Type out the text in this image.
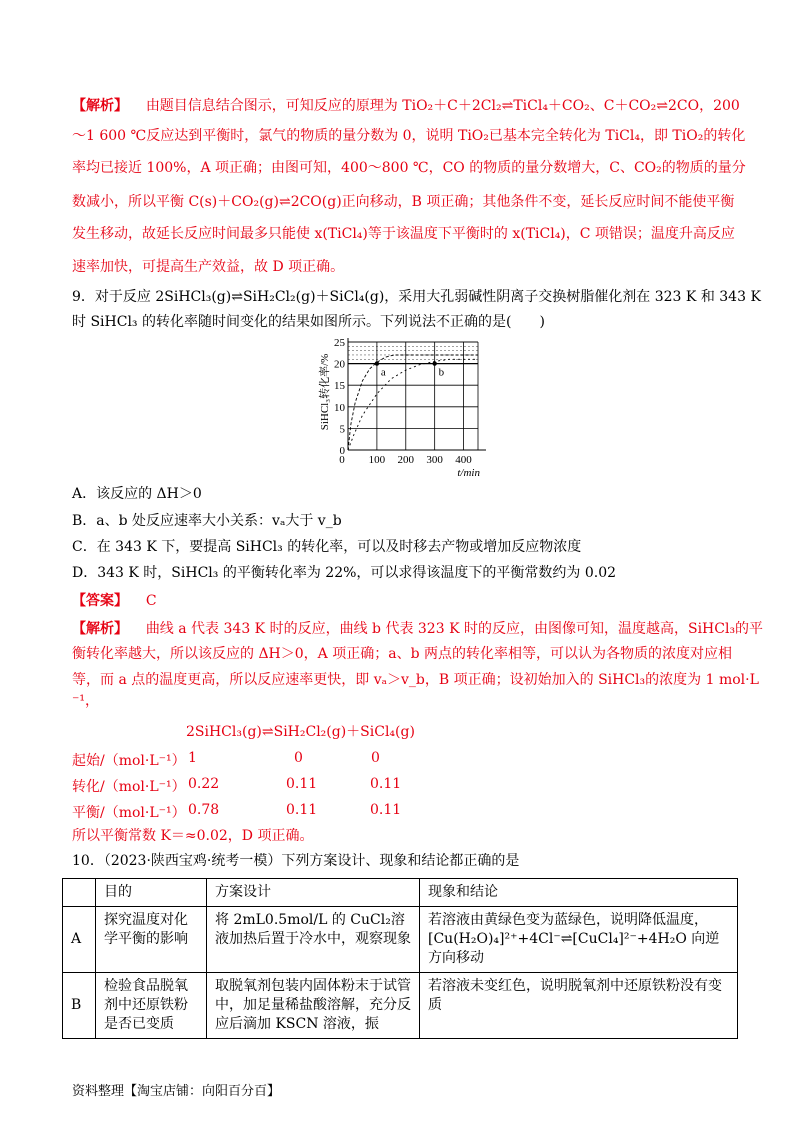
【解析】 由题目信息结合图示，可知反应的原理为 TiO₂＋C＋2Cl₂⇌TiCl₄＋CO₂、C＋CO₂⇌2CO，200
～1 600 ℃反应达到平衡时，氯气的物质的量分数为 0，说明 TiO₂已基本完全转化为 TiCl₄，即 TiO₂的转化
率均已接近 100%，A 项正确；由图可知，400～800 ℃，CO 的物质的量分数增大，C、CO₂的物质的量分
数减小，所以平衡 C(s)＋CO₂(g)⇌2CO(g)正向移动，B 项正确；其他条件不变，延长反应时间不能使平衡
发生移动，故延长反应时间最多只能使 x(TiCl₄)等于该温度下平衡时的 x(TiCl₄)，C 项错误；温度升高反应
速率加快，可提高生产效益，故 D 项正确。
9．对于反应 2SiHCl₃(g)⇌SiH₂Cl₂(g)＋SiCl₄(g)，采用大孔弱碱性阴离子交换树脂催化剂在 323 K 和 343 K
时 SiHCl₃ 的转化率随时间变化的结果如图所示。下列说法不正确的是(　　)
0
5
10
15
20
25
0 100 200 300 400
t/min
SiHCl₃转化率/%	a	b
A．该反应的 ΔH＞0
B．a、b 处反应速率大小关系：vₐ大于 v_b
C．在 343 K 下，要提高 SiHCl₃ 的转化率，可以及时移去产物或增加反应物浓度
D．343 K 时，SiHCl₃ 的平衡转化率为 22%，可以求得该温度下的平衡常数约为 0.02
【答案】 C
【解析】 曲线 a 代表 343 K 时的反应，曲线 b 代表 323 K 时的反应，由图像可知，温度越高，SiHCl₃的平
衡转化率越大，所以该反应的 ΔH＞0，A 项正确；a、b 两点的转化率相等，可以认为各物质的浓度对应相
等，而 a 点的温度更高，所以反应速率更快，即 vₐ＞v_b，B 项正确；设初始加入的 SiHCl₃的浓度为 1 mol·L
⁻¹，
2SiHCl₃(g)⇌SiH₂Cl₂(g)＋SiCl₄(g)
起始/（mol·L⁻¹） 1	0	0
转化/（mol·L⁻¹） 0.22	0.11	0.11
平衡/（mol·L⁻¹） 0.78	0.11	0.11
所以平衡常数 K＝≈0.02，D 项正确。
10．（2023·陕西宝鸡·统考一模）下列方案设计、现象和结论都正确的是
	目的	方案设计	现象和结论
A	探究温度对化学平衡的影响	将 2mL0.5mol/L 的 CuCl₂溶液加热后置于冷水中，观察现象	若溶液由黄绿色变为蓝绿色，说明降低温度，[Cu(H₂O)₄]²⁺+4Cl⁻⇌[CuCl₄]²⁻+4H₂O 向逆方向移动
B	检验食品脱氧剂中还原铁粉是否已变质	取脱氧剂包装内固体粉末于试管中，加足量稀盐酸溶解，充分反应后滴加 KSCN 溶液，振	若溶液未变红色，说明脱氧剂中还原铁粉没有变质
资料整理【淘宝店铺：向阳百分百】
